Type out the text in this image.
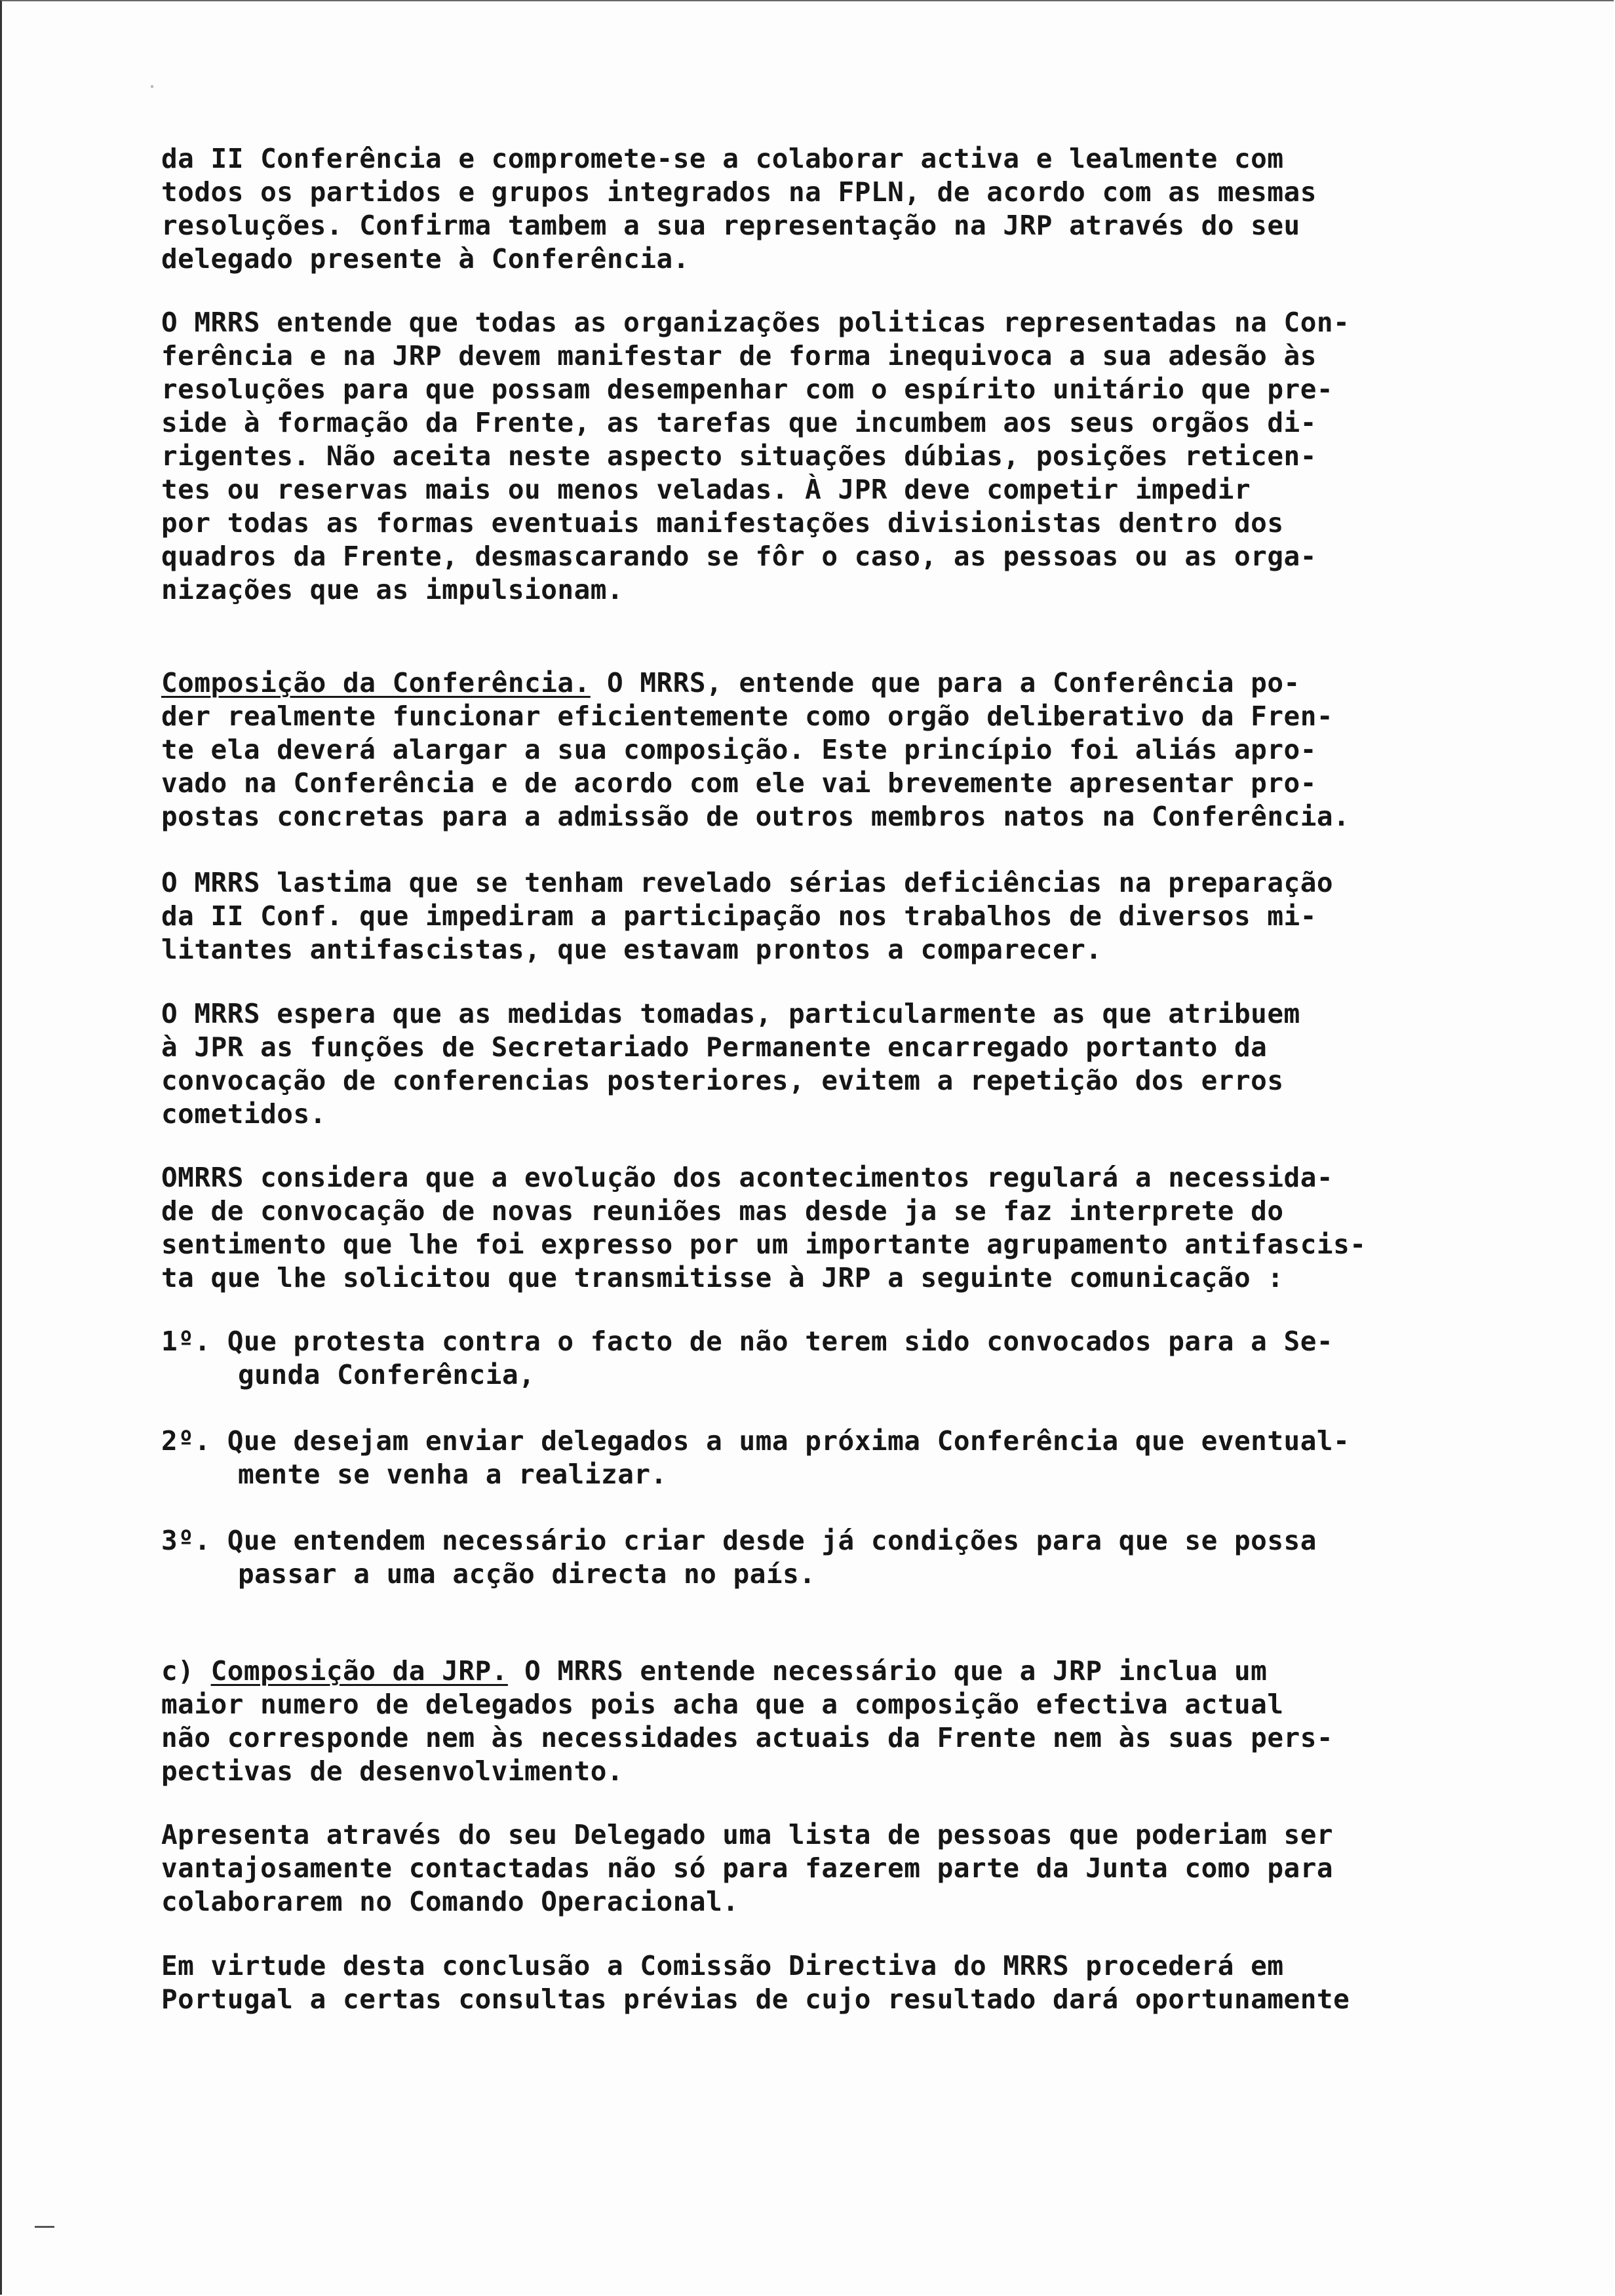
da II Conferência e compromete-se a colaborar activa e lealmente com
todos os partidos e grupos integrados na FPLN, de acordo com as mesmas
resoluções. Confirma tambem a sua representação na JRP através do seu
delegado presente à Conferência.
O MRRS entende que todas as organizações politicas representadas na Con-
ferência e na JRP devem manifestar de forma inequivoca a sua adesão às
resoluções para que possam desempenhar com o espírito unitário que pre-
side à formação da Frente, as tarefas que incumbem aos seus orgãos di-
rigentes. Não aceita neste aspecto situações dúbias, posições reticen-
tes ou reservas mais ou menos veladas. À JPR deve competir impedir
por todas as formas eventuais manifestações divisionistas dentro dos
quadros da Frente, desmascarando se fôr o caso, as pessoas ou as orga-
nizações que as impulsionam.
Composição da Conferência. O MRRS, entende que para a Conferência po-
der realmente funcionar eficientemente como orgão deliberativo da Fren-
te ela deverá alargar a sua composição. Este princípio foi aliás apro-
vado na Conferência e de acordo com ele vai brevemente apresentar pro-
postas concretas para a admissão de outros membros natos na Conferência.
O MRRS lastima que se tenham revelado sérias deficiências na preparação
da II Conf. que impediram a participação nos trabalhos de diversos mi-
litantes antifascistas, que estavam prontos a comparecer.
O MRRS espera que as medidas tomadas, particularmente as que atribuem
à JPR as funções de Secretariado Permanente encarregado portanto da
convocação de conferencias posteriores, evitem a repetição dos erros
cometidos.
OMRRS considera que a evolução dos acontecimentos regulará a necessida-
de de convocação de novas reuniões mas desde ja se faz interprete do
sentimento que lhe foi expresso por um importante agrupamento antifascis-
ta que lhe solicitou que transmitisse à JRP a seguinte comunicação :
1º. Que protesta contra o facto de não terem sido convocados para a Se-
gunda Conferência,
2º. Que desejam enviar delegados a uma próxima Conferência que eventual-
mente se venha a realizar.
3º. Que entendem necessário criar desde já condições para que se possa
passar a uma acção directa no país.
c) Composição da JRP. O MRRS entende necessário que a JRP inclua um
maior numero de delegados pois acha que a composição efectiva actual
não corresponde nem às necessidades actuais da Frente nem às suas pers-
pectivas de desenvolvimento.
Apresenta através do seu Delegado uma lista de pessoas que poderiam ser
vantajosamente contactadas não só para fazerem parte da Junta como para
colaborarem no Comando Operacional.
Em virtude desta conclusão a Comissão Directiva do MRRS procederá em
Portugal a certas consultas prévias de cujo resultado dará oportunamente
